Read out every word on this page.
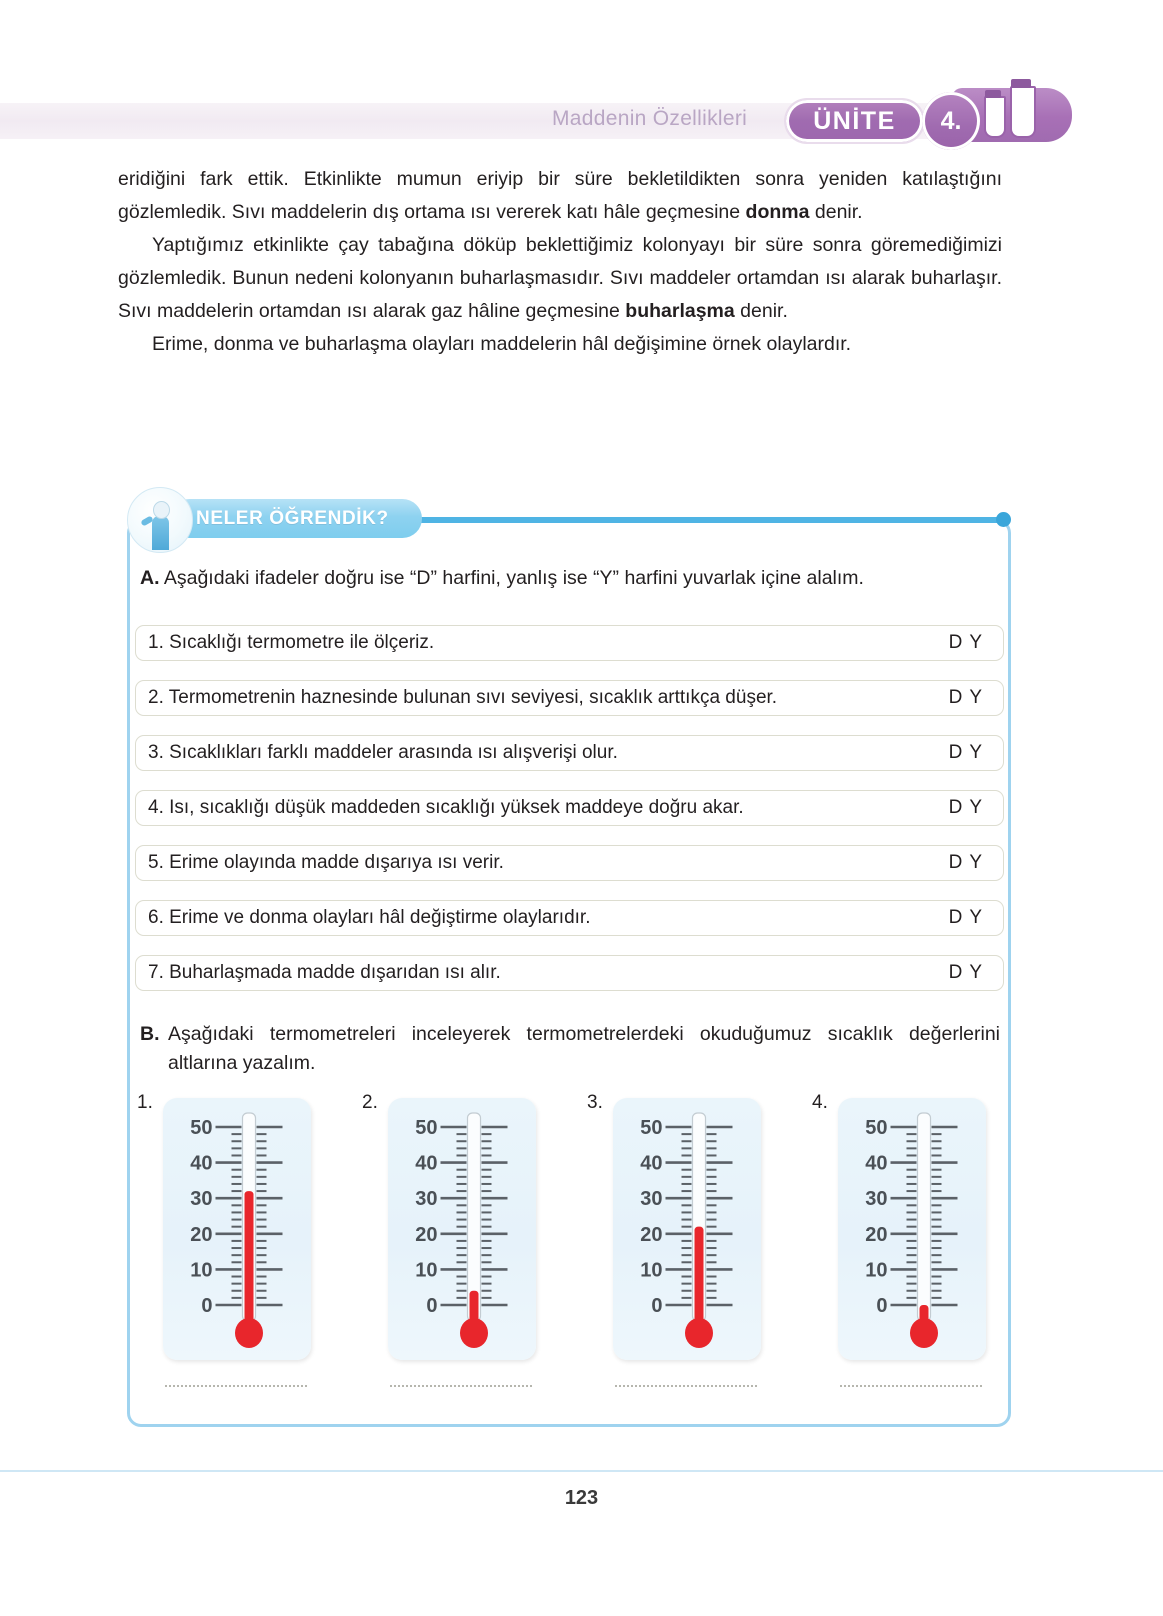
Maddenin Özellikleri	ÜNİTE 4.

eridiğini fark ettik. Etkinlikte mumun eriyip bir süre bekletildikten sonra yeniden katılaştığını gözlemledik. Sıvı maddelerin dış ortama ısı vererek katı hâle geçmesine donma denir.

Yaptığımız etkinlikte çay tabağına döküp beklettiğimiz kolonyayı bir süre sonra göremediğimizi gözlemledik. Bunun nedeni kolonyanın buharlaşmasıdır. Sıvı maddeler ortamdan ısı alarak buharlaşır. Sıvı maddelerin ortamdan ısı alarak gaz hâline geçmesine buharlaşma denir.

Erime, donma ve buharlaşma olayları maddelerin hâl değişimine örnek olaylardır.

NELER ÖĞRENDİK?
A. Aşağıdaki ifadeler doğru ise “D” harfini, yanlış ise “Y” harfini yuvarlak içine alalım.
1. Sıcaklığı termometre ile ölçeriz.	DY
2. Termometrenin haznesinde bulunan sıvı seviyesi, sıcaklık arttıkça düşer.	DY
3. Sıcaklıkları farklı maddeler arasında ısı alışverişi olur.	DY
4. Isı, sıcaklığı düşük maddeden sıcaklığı yüksek maddeye doğru akar.	DY
5. Erime olayında madde dışarıya ısı verir.	DY
6. Erime ve donma olayları hâl değiştirme olaylarıdır.	DY
7. Buharlaşmada madde dışarıdan ısı alır.	DY
B. Aşağıdaki termometreleri inceleyerek termometrelerdeki okuduğumuz sıcaklık değerlerini altlarına yazalım.
1.
50
40
30
20
10
0
2.
50
40
30
20
10
0
3.
50
40
30
20
10
0
4.
50
40
30
20
10
0
123
